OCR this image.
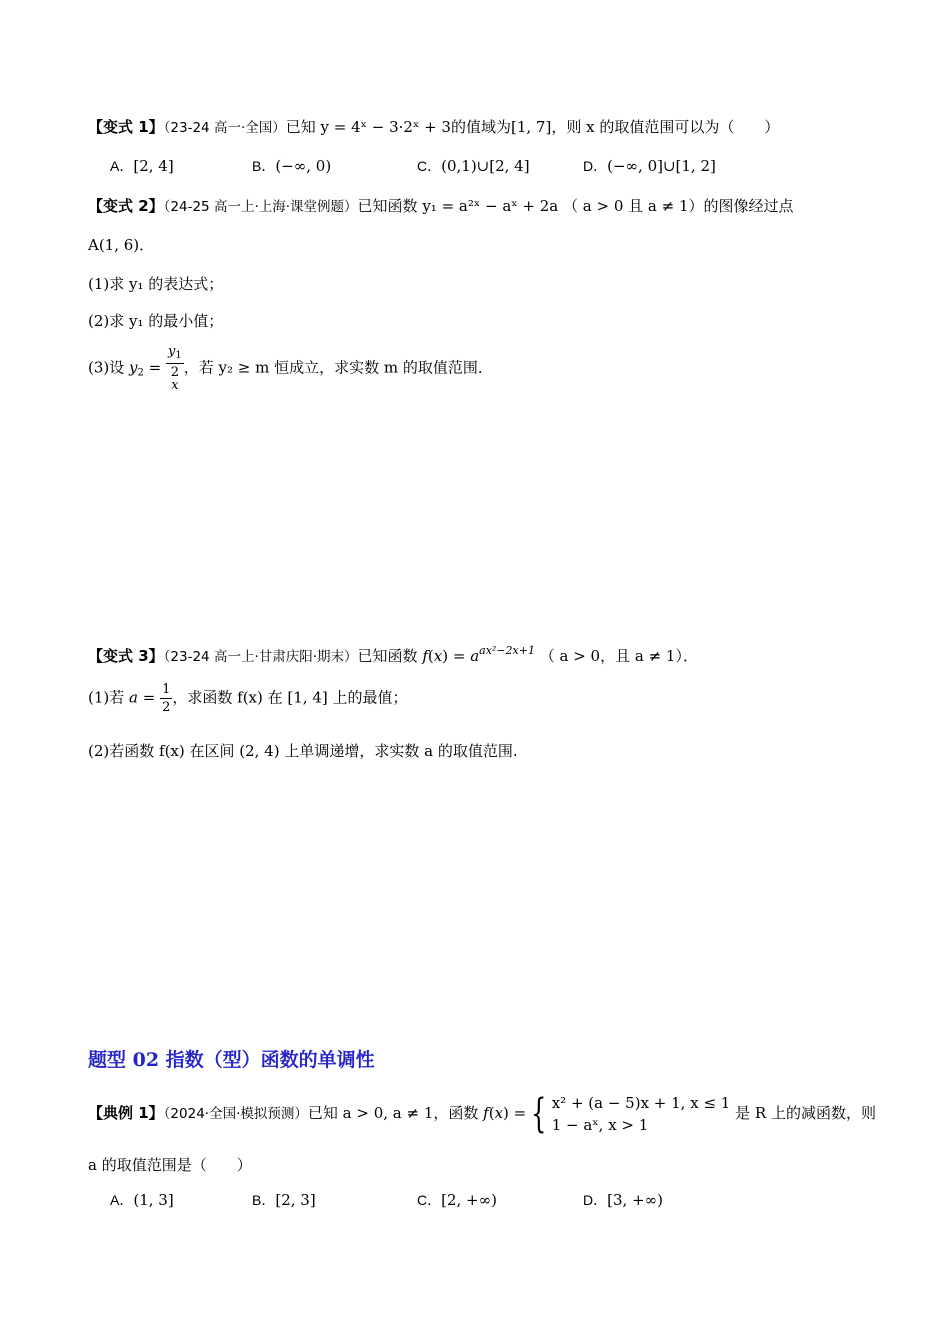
【变式 1】（23-24 高一·全国）已知 y = 4ˣ − 3·2ˣ + 3的值域为[1, 7]，则 x 的取值范围可以为（　　）
A．[2, 4]	B．(−∞, 0)	C．(0,1)∪[2, 4]	D．(−∞, 0]∪[1, 2]
【变式 2】（24-25 高一上·上海·课堂例题）已知函数 y₁ = a²ˣ − aˣ + 2a （ a > 0 且 a ≠ 1）的图像经过点
A(1, 6)．
(1)求 y₁ 的表达式；
(2)求 y₁ 的最小值；
(3)设 $y_2 = y_1$
2
x ，若 y₂ ≥ m 恒成立，求实数 m 的取值范围．
【变式 3】（23-24 高一上·甘肃庆阳·期末）已知函数 f(x) = aax²−2x+1 （ a > 0，且 a ≠ 1）．
(1)若 $a = \frac{1}{2}$ ，求函数 f(x) 在 [1, 4] 上的最值；
(2)若函数 f(x) 在区间 (2, 4) 上单调递增，求实数 a 的取值范围.
题型 02 指数（型）函数的单调性
【典例 1】（2024·全国·模拟预测）已知 a > 0, a ≠ 1，函数 f(x) = { x² + (a − 5)x + 1, x ≤ 1
1 − aˣ, x > 1
是 R 上的减函数，则
a 的取值范围是（　　）
A．(1, 3]	B．[2, 3]	C．[2, +∞)	D．[3, +∞)
